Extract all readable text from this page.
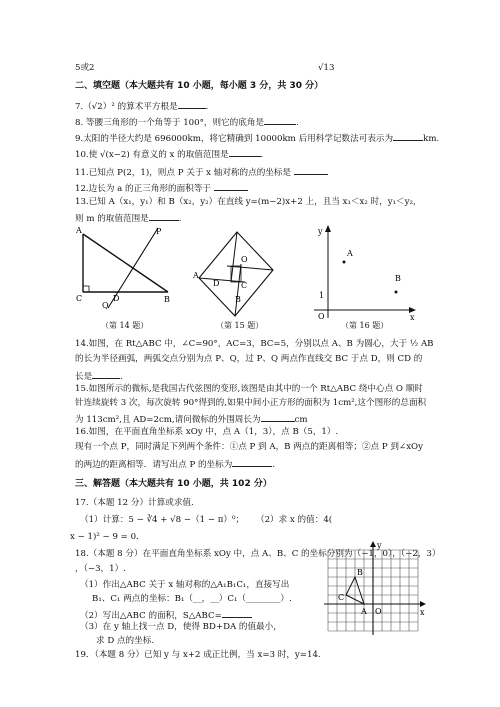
5或2	√13
二、填空题（本大题共有 10 小题，每小题 3 分，共 30 分）
7.（√2）² 的算术平方根是	.
8. 等腰三角形的一个角等于 100°，则它的底角是	.
9.太阳的半径大约是 696000km，将它精确到 10000km 后用科学记数法可表示为	km.
10.使 √(x−2) 有意义的 x 的取值范围是	.
11.已知点 P(2，1)，则点 P 关于 x 轴对称的点的坐标是
12.边长为 a 的正三角形的面积等于
13.已知 A（x₁，y₁）和 B（x₂，y₂）在直线 y=(m−2)x+2 上，且当 x₁＜x₂ 时，y₁＜y₂，
则 m 的取值范围是	.
A
C	B
D
P
Q
（第 14 题）
A
D
O
C
B
（第 15 题）
y
x
O
1
A
B
（第 16 题）
14.如图，在 Rt△ABC 中，∠C=90°，AC=3，BC=5，分别以点 A、B 为圆心，大于 ½ AB
的长为半径画弧，两弧交点分别为点 P、Q，过 P、Q 两点作直线交 BC 于点 D，则 CD 的
长是	.
15.如图所示的微标,是我国古代弦图的变形,该图是由其中的一个 Rt△ABC 绕中心点 O 顺时
针连续旋转 3 次，每次旋转 90°得到的,如果中间小正方形的面积为 1cm²,这个图形的总面积
为 113cm²,且 AD=2cm,请问微标的外围周长为	cm
16.如图，在平面直角坐标系 xOy 中，点 A（1，3），点 B（5，1）.
现有一个点 P，同时满足下列两个条件：①点 P 到 A，B 两点的距离相等；②点 P 到∠xOy
的两边的距离相等．请写出点 P 的坐标为	.
三、解答题（本大题共有 10 小题，共 102 分）
17.（本题 12 分）计算或求值.
（1）计算：5 − ∛4 + √8 −（1 − π）⁰； （2）求 x 的值：4(
x − 1)² − 9 = 0．
18.（本题 8 分）在平面直角坐标系 xOy 中，点 A、B、C 的坐标分别为（−1，0），（−2，3）
，（−3，1）.
（1）作出△ABC 关于 x 轴对称的△A₁B₁C₁，直接写出
B₁、C₁ 两点的坐标：B₁（__，__）C₁（________）.
（2）写出△ABC 的面积，S△ABC=
（3）在 y 轴上找一点 D，使得 BD+DA 的值最小，
求 D 点的坐标.
y
x
B
C
A O
19．（本题 8 分）已知 y 与 x+2 成正比例，当 x=3 时，y=14.
